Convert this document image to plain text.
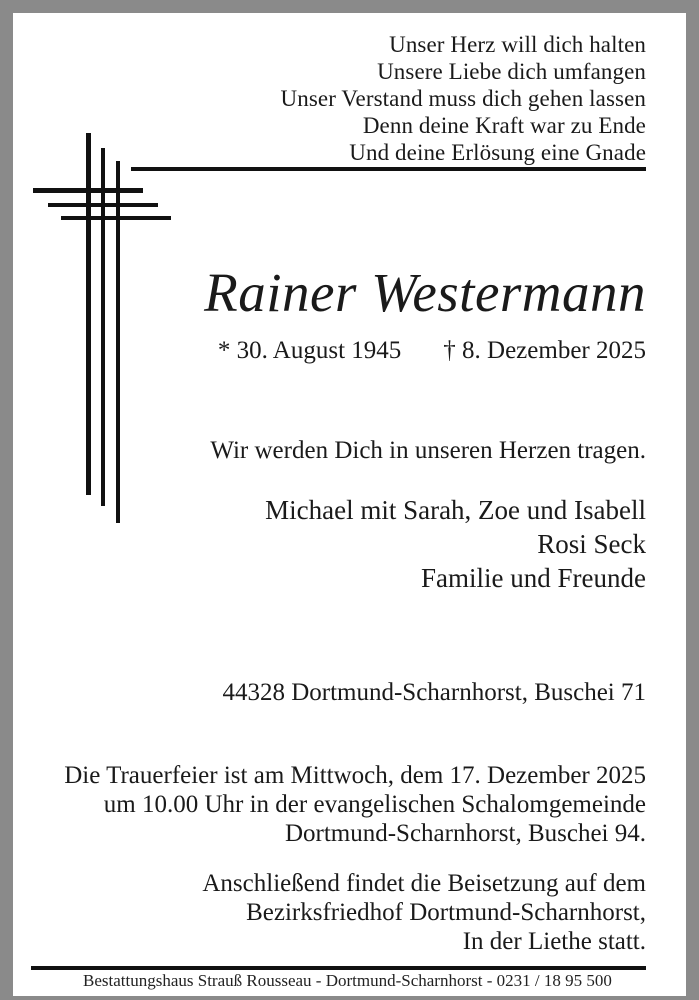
Unser Herz will dich halten
Unsere Liebe dich umfangen
Unser Verstand muss dich gehen lassen
Denn deine Kraft war zu Ende
Und deine Erlösung eine Gnade
Rainer Westermann
* 30. August 1945 † 8. Dezember 2025
Wir werden Dich in unseren Herzen tragen.
Michael mit Sarah, Zoe und Isabell
Rosi Seck
Familie und Freunde
44328 Dortmund-Scharnhorst, Buschei 71
Die Trauerfeier ist am Mittwoch, dem 17. Dezember 2025
um 10.00 Uhr in der evangelischen Schalomgemeinde
Dortmund-Scharnhorst, Buschei 94.
Anschließend findet die Beisetzung auf dem
Bezirksfriedhof Dortmund-Scharnhorst,
In der Liethe statt.
Bestattungshaus Strauß Rousseau - Dortmund-Scharnhorst - 0231 / 18 95 500
